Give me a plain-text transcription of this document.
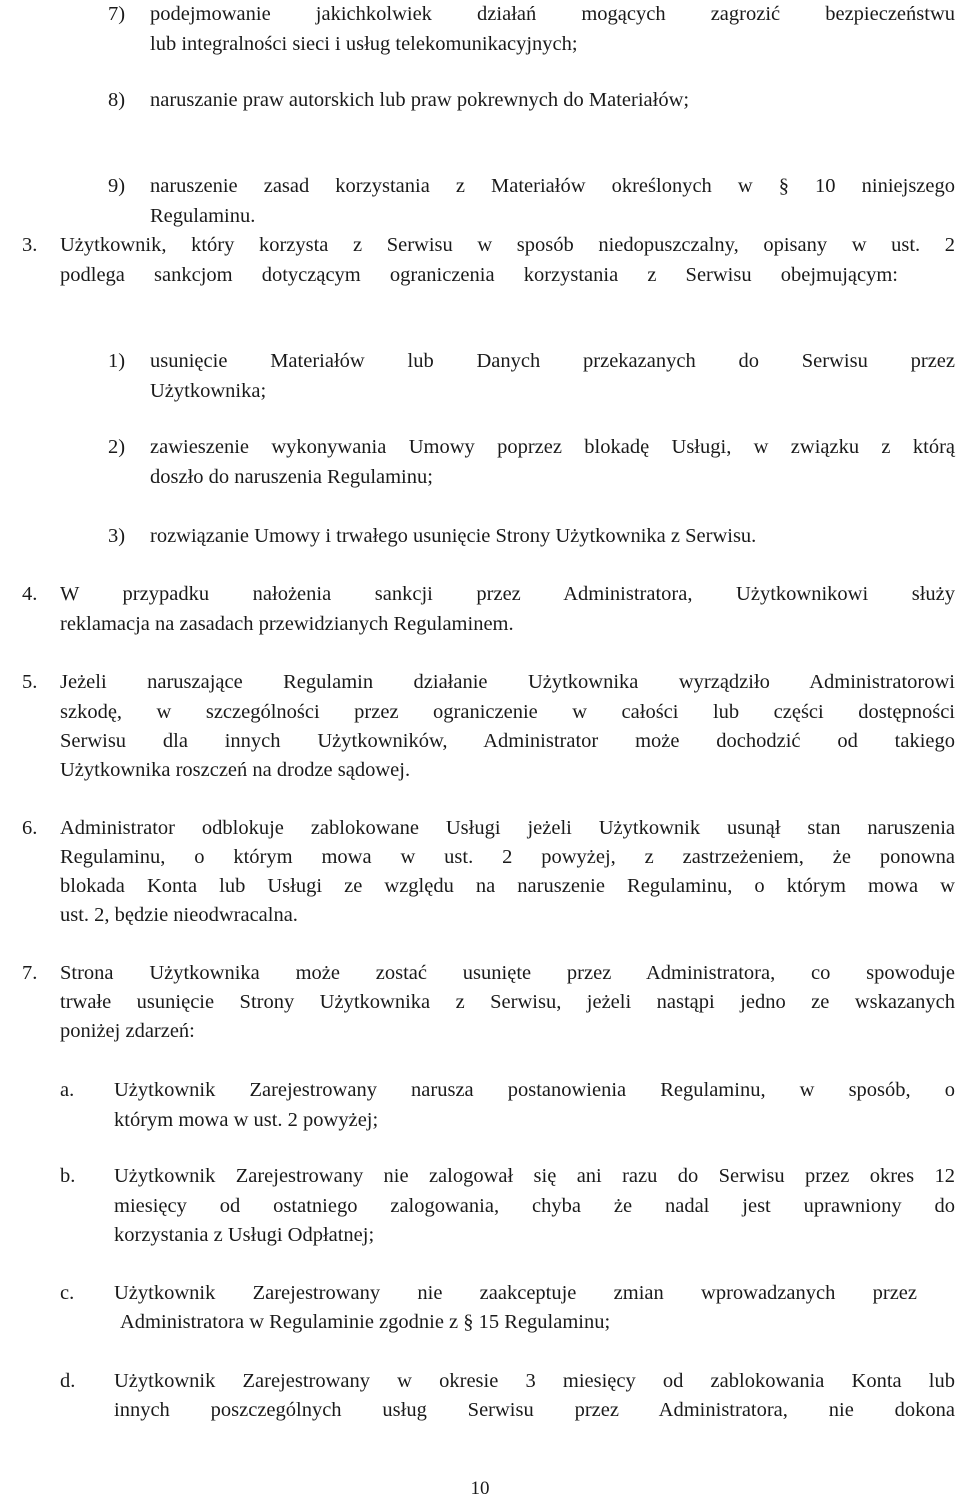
7) podejmowanie jakichkolwiek działań mogących zagrozić bezpieczeństwu
lub integralności sieci i usług telekomunikacyjnych;
8) naruszanie praw autorskich lub praw pokrewnych do Materiałów;
9) naruszenie zasad korzystania z Materiałów określonych w § 10 niniejszego
Regulaminu.
3. Użytkownik, który korzysta z Serwisu w sposób niedopuszczalny, opisany w ust. 2
podlega sankcjom dotyczącym ograniczenia korzystania z Serwisu obejmującym:
1) usunięcie Materiałów lub Danych przekazanych do Serwisu przez
Użytkownika;
2) zawieszenie wykonywania Umowy poprzez blokadę Usługi, w związku z którą
doszło do naruszenia Regulaminu;
3) rozwiązanie Umowy i trwałego usunięcie Strony Użytkownika z Serwisu.
4. W przypadku nałożenia sankcji przez Administratora, Użytkownikowi służy
reklamacja na zasadach przewidzianych Regulaminem.
5. Jeżeli naruszające Regulamin działanie Użytkownika wyrządziło Administratorowi
szkodę, w szczególności przez ograniczenie w całości lub części dostępności
Serwisu dla innych Użytkowników, Administrator może dochodzić od takiego
Użytkownika roszczeń na drodze sądowej.
6. Administrator odblokuje zablokowane Usługi jeżeli Użytkownik usunął stan naruszenia
Regulaminu, o którym mowa w ust. 2 powyżej, z zastrzeżeniem, że ponowna
blokada Konta lub Usługi ze względu na naruszenie Regulaminu, o którym mowa w
ust. 2, będzie nieodwracalna.
7. Strona Użytkownika może zostać usunięte przez Administratora, co spowoduje
trwałe usunięcie Strony Użytkownika z Serwisu, jeżeli nastąpi jedno ze wskazanych
poniżej zdarzeń:
a. Użytkownik Zarejestrowany narusza postanowienia Regulaminu, w sposób, o
którym mowa w ust. 2 powyżej;
b. Użytkownik Zarejestrowany nie zalogował się ani razu do Serwisu przez okres 12
miesięcy od ostatniego zalogowania, chyba że nadal jest uprawniony do
korzystania z Usługi Odpłatnej;
c. Użytkownik Zarejestrowany nie zaakceptuje zmian wprowadzanych przez
Administratora w Regulaminie zgodnie z § 15 Regulaminu;
d. Użytkownik Zarejestrowany w okresie 3 miesięcy od zablokowania Konta lub
innych poszczególnych usług Serwisu przez Administratora, nie dokona
10
